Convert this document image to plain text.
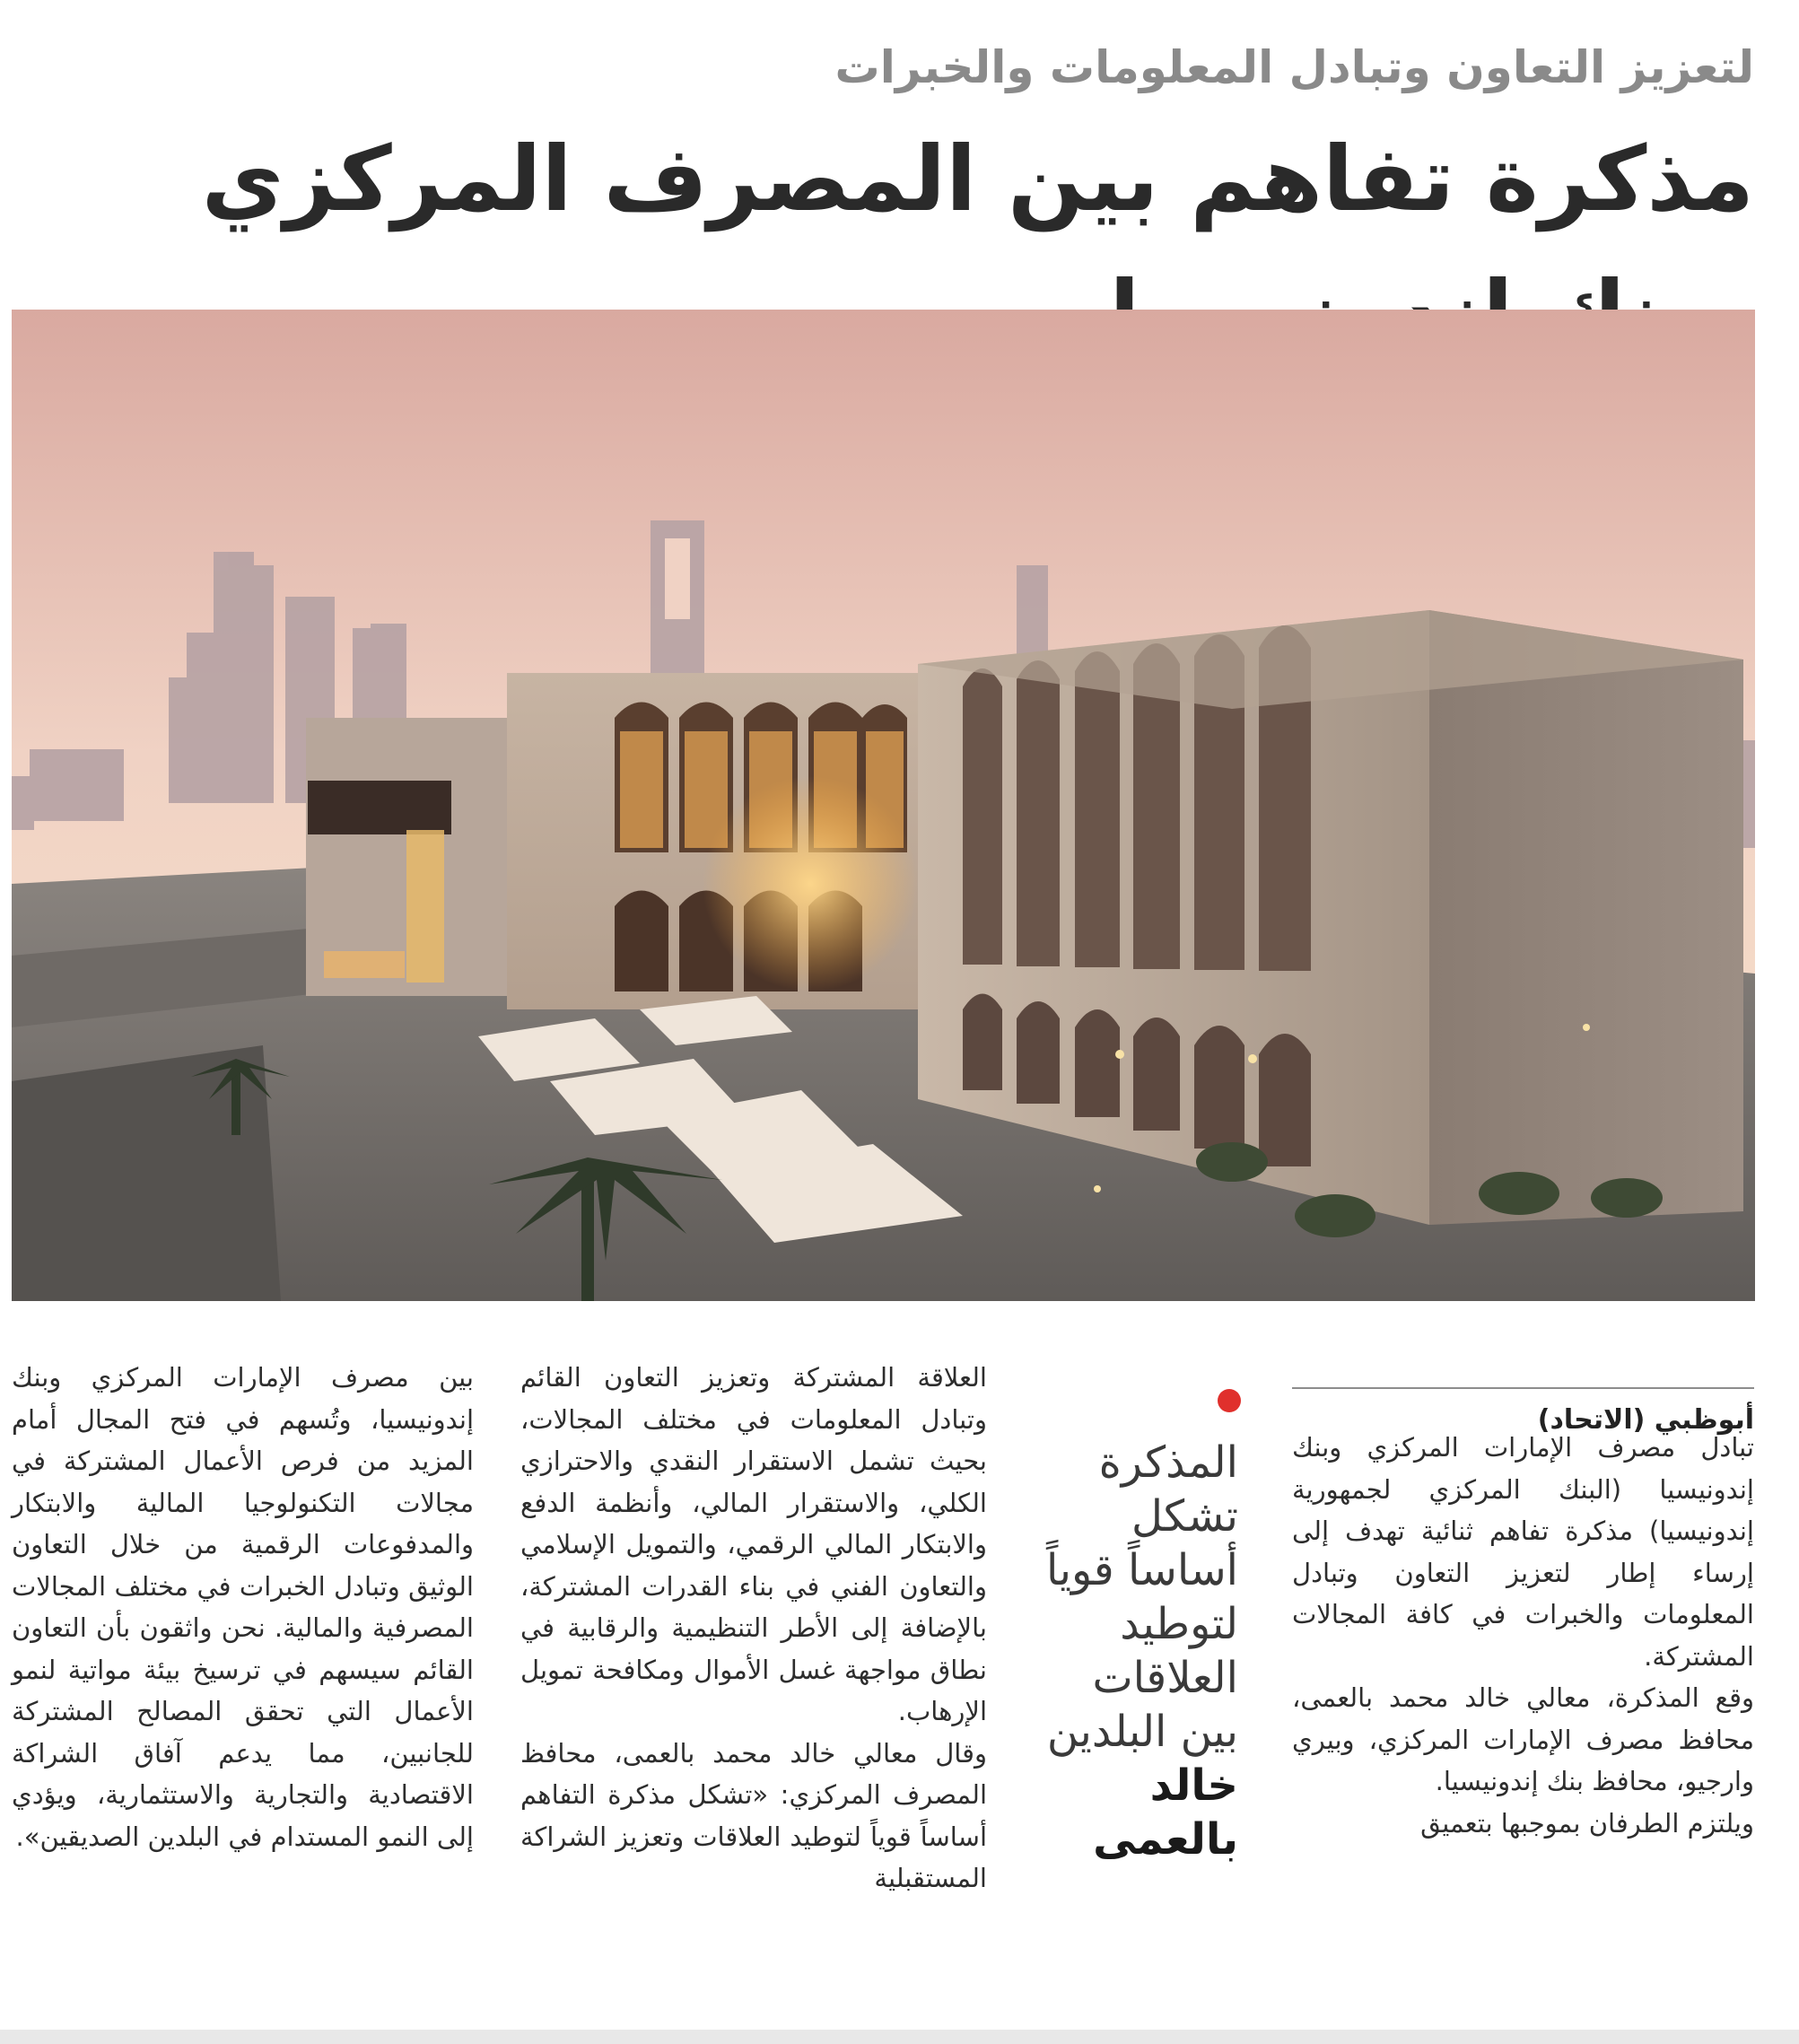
لتعزيز التعاون وتبادل المعلومات والخبرات
مذكرة تفاهم بين المصرف المركزي
أبوظبي (الاتحاد)

تبادل مصرف الإمارات المركزي وبنك إندونيسيا (البنك المركزي لجمهورية إندونيسيا) مذكرة تفاهم ثنائية تهدف إلى إرساء إطار لتعزيز التعاون وتبادل المعلومات والخبرات في كافة المجالات المشتركة.

وقع المذكرة، معالي خالد محمد بالعمى، محافظ مصرف الإمارات المركزي، وبيري وارجيو، محافظ بنك إندونيسيا.

ويلتزم الطرفان بموجبها بتعميق

المذكرة تشكل أساساً قوياً لتوطيد العلاقات بين البلدين
خالد بالعمى

العلاقة المشتركة وتعزيز التعاون القائم وتبادل المعلومات في مختلف المجالات، بحيث تشمل الاستقرار النقدي والاحترازي الكلي، والاستقرار المالي، وأنظمة الدفع والابتكار المالي الرقمي، والتمويل الإسلامي والتعاون الفني في بناء القدرات المشتركة، بالإضافة إلى الأطر التنظيمية والرقابية في نطاق مواجهة غسل الأموال ومكافحة تمويل الإرهاب.

وقال معالي خالد محمد بالعمى، محافظ المصرف المركزي: «تشكل مذكرة التفاهم أساساً قوياً لتوطيد العلاقات وتعزيز الشراكة المستقبلية

بين مصرف الإمارات المركزي وبنك إندونيسيا، وتُسهم في فتح المجال أمام المزيد من فرص الأعمال المشتركة في مجالات التكنولوجيا المالية والابتكار والمدفوعات الرقمية من خلال التعاون الوثيق وتبادل الخبرات في مختلف المجالات المصرفية والمالية. نحن واثقون بأن التعاون القائم سيسهم في ترسيخ بيئة مواتية لنمو الأعمال التي تحقق المصالح المشتركة للجانبين، مما يدعم آفاق الشراكة الاقتصادية والتجارية والاستثمارية، ويؤدي إلى النمو المستدام في البلدين الصديقين».
